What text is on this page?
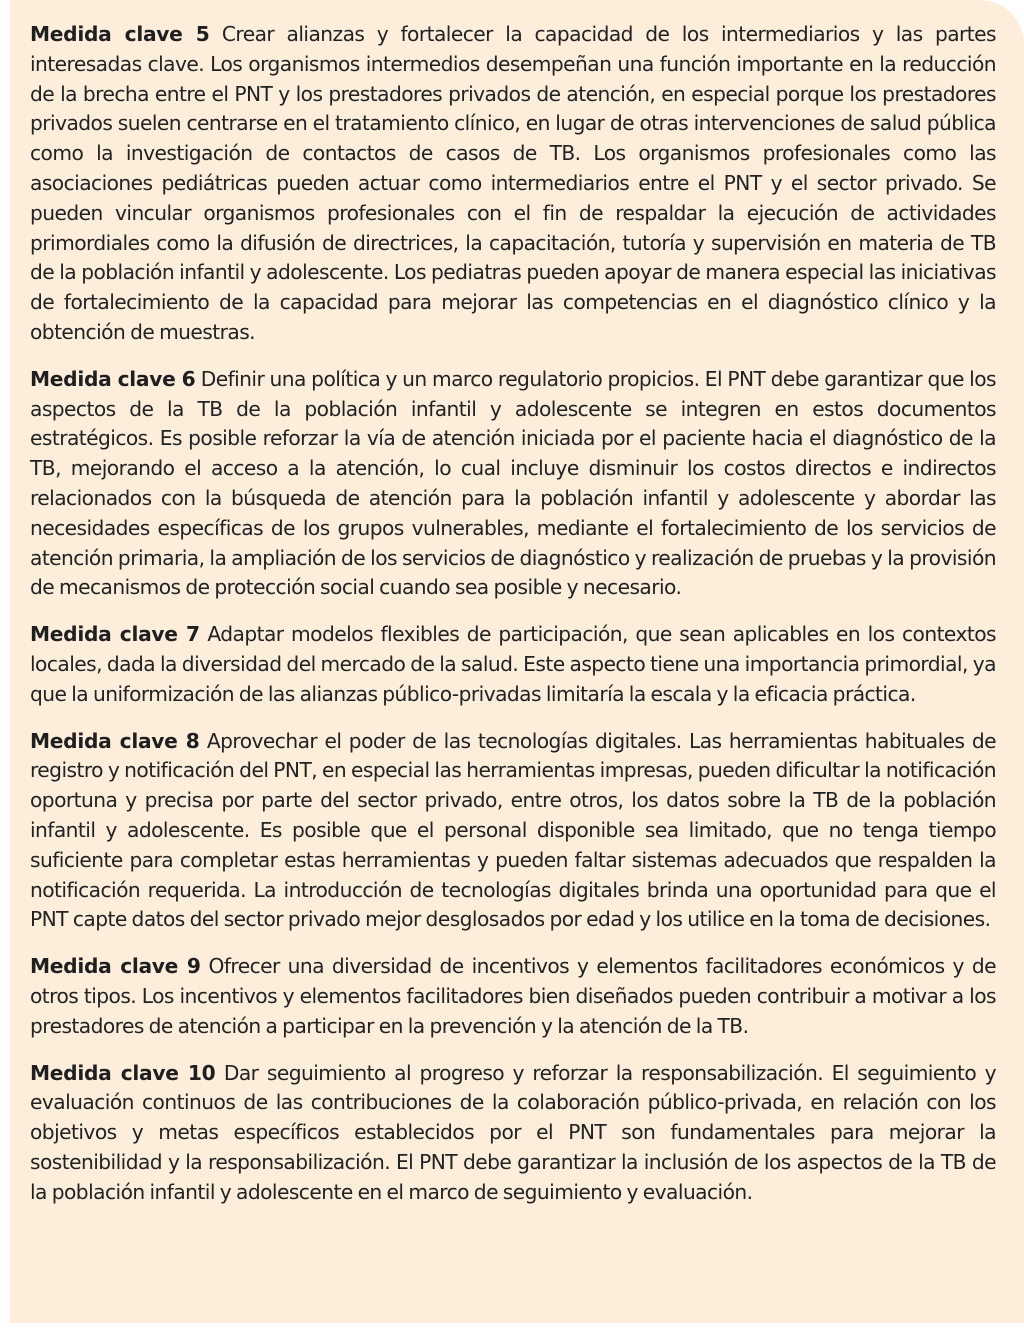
Medida clave 5 Crear alianzas y fortalecer la capacidad de los intermediarios y las partes interesadas clave. Los organismos intermedios desempeñan una función importante en la reducción de la brecha entre el PNT y los prestadores privados de atención, en especial porque los prestadores privados suelen centrarse en el tratamiento clínico, en lugar de otras intervenciones de salud pública como la investigación de contactos de casos de TB. Los organismos profesionales como las asociaciones pediátricas pueden actuar como intermediarios entre el PNT y el sector privado. Se pueden vincular organismos profesionales con el fin de respaldar la ejecución de actividades primordiales como la difusión de directrices, la capacitación, tutoría y supervisión en materia de TB de la población infantil y adolescente. Los pediatras pueden apoyar de manera especial las iniciativas de fortalecimiento de la capacidad para mejorar las competencias en el diagnóstico clínico y la obtención de muestras.

Medida clave 6 Definir una política y un marco regulatorio propicios. El PNT debe garantizar que los aspectos de la TB de la población infantil y adolescente se integren en estos documentos estratégicos. Es posible reforzar la vía de atención iniciada por el paciente hacia el diagnóstico de la TB, mejorando el acceso a la atención, lo cual incluye disminuir los costos directos e indirectos relacionados con la búsqueda de atención para la población infantil y adolescente y abordar las necesidades específicas de los grupos vulnerables, mediante el fortalecimiento de los servicios de atención primaria, la ampliación de los servicios de diagnóstico y realización de pruebas y la provisión de mecanismos de protección social cuando sea posible y necesario.

Medida clave 7 Adaptar modelos flexibles de participación, que sean aplicables en los contextos locales, dada la diversidad del mercado de la salud. Este aspecto tiene una importancia primordial, ya que la uniformización de las alianzas público-privadas limitaría la escala y la eficacia práctica.

Medida clave 8 Aprovechar el poder de las tecnologías digitales. Las herramientas habituales de registro y notificación del PNT, en especial las herramientas impresas, pueden dificultar la notificación oportuna y precisa por parte del sector privado, entre otros, los datos sobre la TB de la población infantil y adolescente. Es posible que el personal disponible sea limitado, que no tenga tiempo suficiente para completar estas herramientas y pueden faltar sistemas adecuados que respalden la notificación requerida. La introducción de tecnologías digitales brinda una oportunidad para que el PNT capte datos del sector privado mejor desglosados por edad y los utilice en la toma de decisiones.

Medida clave 9 Ofrecer una diversidad de incentivos y elementos facilitadores económicos y de otros tipos. Los incentivos y elementos facilitadores bien diseñados pueden contribuir a motivar a los prestadores de atención a participar en la prevención y la atención de la TB.

Medida clave 10 Dar seguimiento al progreso y reforzar la responsabilización. El seguimiento y evaluación continuos de las contribuciones de la colaboración público-privada, en relación con los objetivos y metas específicos establecidos por el PNT son fundamentales para mejorar la sostenibilidad y la responsabilización. El PNT debe garantizar la inclusión de los aspectos de la TB de la población infantil y adolescente en el marco de seguimiento y evaluación.
